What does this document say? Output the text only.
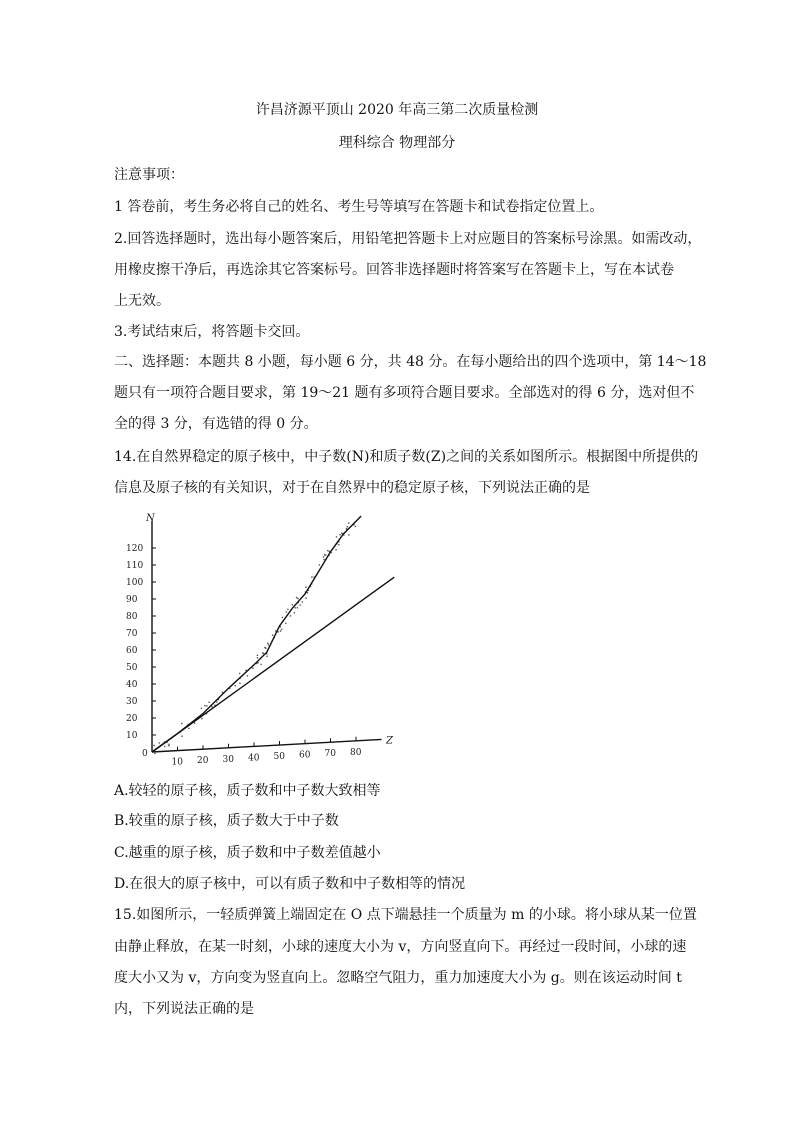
许昌济源平顶山 2020 年高三第二次质量检测
理科综合 物理部分
注意事项：
1 答卷前，考生务必将自己的姓名、考生号等填写在答题卡和试卷指定位置上。
2.回答选择题时，选出每小题答案后，用铅笔把答题卡上对应题目的答案标号涂黑。如需改动，
用橡皮擦干净后，再选涂其它答案标号。回答非选择题时将答案写在答题卡上，写在本试卷
上无效。
3.考试结束后，将答题卡交回。
二、选择题：本题共 8 小题，每小题 6 分，共 48 分。在每小题给出的四个选项中，第 14～18
题只有一项符合题目要求，第 19～21 题有多项符合题目要求。全部选对的得 6 分，选对但不
全的得 3 分，有选错的得 0 分。
14.在自然界稳定的原子核中，中子数(N)和质子数(Z)之间的关系如图所示。根据图中所提供的
信息及原子核的有关知识，对于在自然界中的稳定原子核，下列说法正确的是
N
Z
0
10
20
30
40
50
60
70
80
90
100
110
120
10 20 30 40 50 60 70 80
A.较轻的原子核，质子数和中子数大致相等
B.较重的原子核，质子数大于中子数
C.越重的原子核，质子数和中子数差值越小
D.在很大的原子核中，可以有质子数和中子数相等的情况
15.如图所示，一轻质弹簧上端固定在 O 点下端悬挂一个质量为 m 的小球。将小球从某一位置
由静止释放，在某一时刻，小球的速度大小为 v，方向竖直向下。再经过一段时间，小球的速
度大小又为 v，方向变为竖直向上。忽略空气阻力，重力加速度大小为 g。则在该运动时间 t
内，下列说法正确的是
